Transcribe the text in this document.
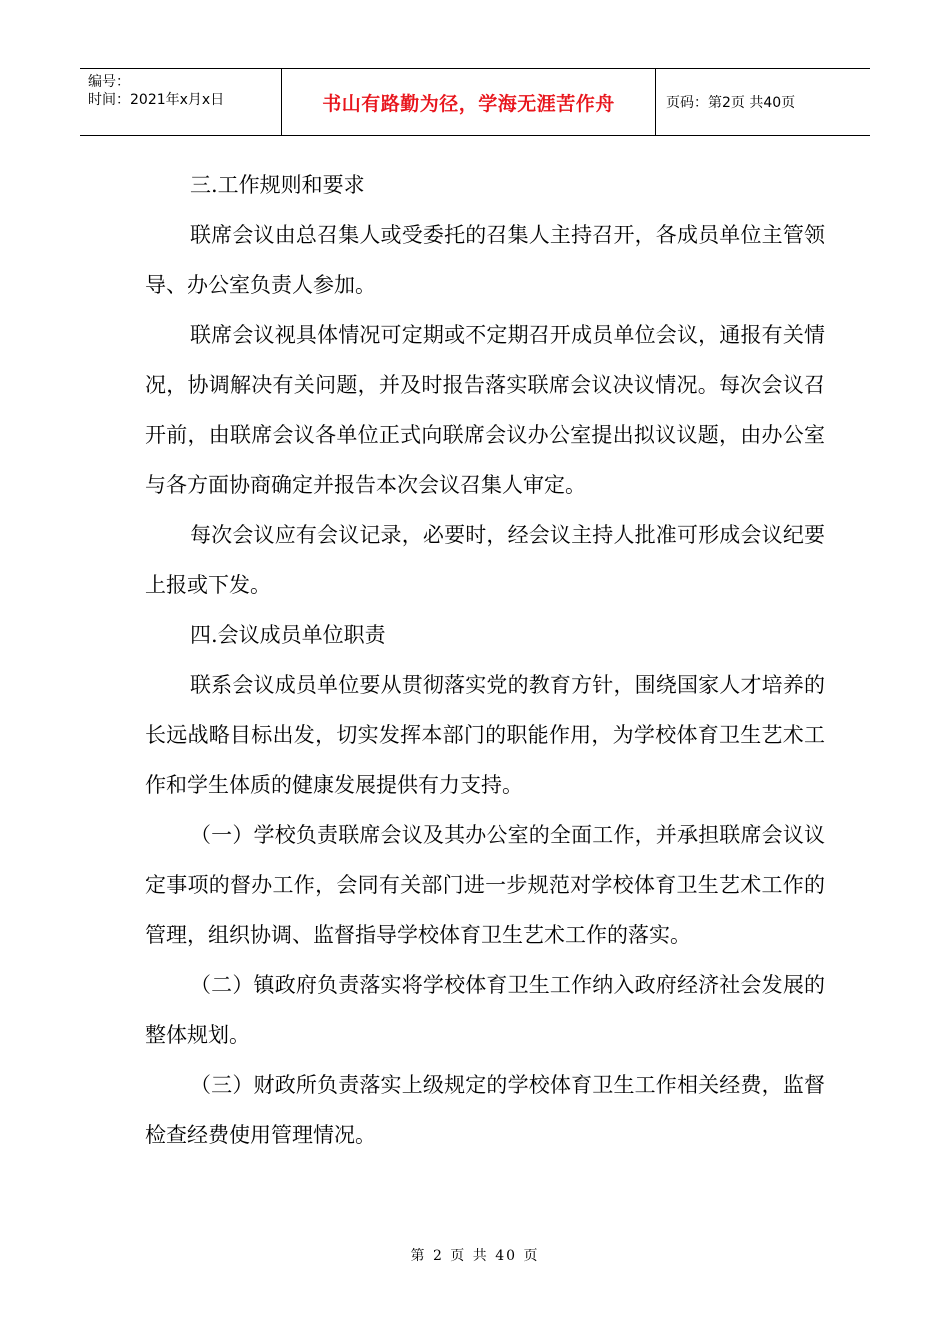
编号：
时间：2021年x月x日	书山有路勤为径，学海无涯苦作舟	页码：第2页 共40页

三.工作规则和要求

联席会议由总召集人或受委托的召集人主持召开，各成员单位主管领导、办公室负责人参加。

联席会议视具体情况可定期或不定期召开成员单位会议，通报有关情况，协调解决有关问题，并及时报告落实联席会议决议情况。每次会议召开前，由联席会议各单位正式向联席会议办公室提出拟议议题，由办公室与各方面协商确定并报告本次会议召集人审定。

每次会议应有会议记录，必要时，经会议主持人批准可形成会议纪要上报或下发。

四.会议成员单位职责

联系会议成员单位要从贯彻落实党的教育方针，围绕国家人才培养的长远战略目标出发，切实发挥本部门的职能作用，为学校体育卫生艺术工作和学生体质的健康发展提供有力支持。

（一）学校负责联席会议及其办公室的全面工作，并承担联席会议议定事项的督办工作，会同有关部门进一步规范对学校体育卫生艺术工作的管理，组织协调、监督指导学校体育卫生艺术工作的落实。

（二）镇政府负责落实将学校体育卫生工作纳入政府经济社会发展的整体规划。

（三）财政所负责落实上级规定的学校体育卫生工作相关经费，监督检查经费使用管理情况。

第 2 页 共 40 页
